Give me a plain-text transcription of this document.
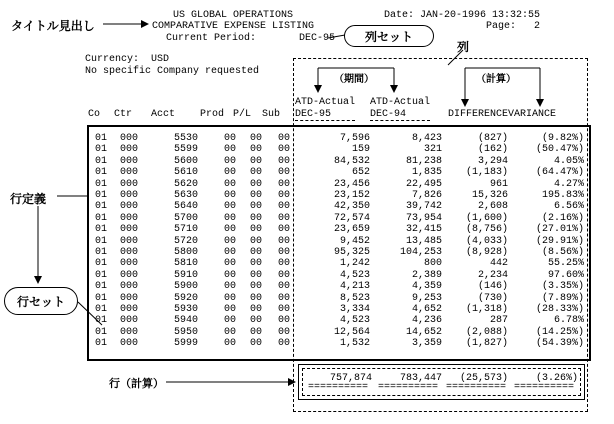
タイトル見出し
列セット
列
（期間）	（計算）
行定義
行セット
行（計算）
US GLOBAL OPERATIONS
COMPARATIVE EXPENSE LISTING
Current Period:	DEC-95
Date: JAN-20-1996 13:32:55
Page:   2
Currency:  USD
No specific Company requested
ATD-Actual ATD-Actual
DEC-95	DEC-94	DIFFERENCE VARIANCE
Co Ctr Acct Prod P/L Sub
01 000	5530	00 00 00	7,596	8,423	(827)	(9.82%)
01 000	5599	00 00 00	159	321	(162)	(50.47%)
01 000	5600	00 00 00	84,532	81,238	3,294	4.05%
01 000	5610	00 00 00	652	1,835	(1,183)	(64.47%)
01 000	5620	00 00 00	23,456	22,495	961	4.27%
01 000	5630	00 00 00	23,152	7,826	15,326	195.83%
01 000	5640	00 00 00	42,350	39,742	2,608	6.56%
01 000	5700	00 00 00	72,574	73,954	(1,600)	(2.16%)
01 000	5710	00 00 00	23,659	32,415	(8,756)	(27.01%)
01 000	5720	00 00 00	9,452	13,485	(4,033)	(29.91%)
01 000	5800	00 00 00	95,325	104,253	(8,928)	(8.56%)
01 000	5810	00 00 00	1,242	800	442	55.25%
01 000	5910	00 00 00	4,523	2,389	2,234	97.60%
01 000	5900	00 00 00	4,213	4,359	(146)	(3.35%)
01 000	5920	00 00 00	8,523	9,253	(730)	(7.89%)
01 000	5930	00 00 00	3,334	4,652	(1,318)	(28.33%)
01 000	5940	00 00 00	4,523	4,236	287	6.78%
01 000	5950	00 00 00	12,564	14,652	(2,088)	(14.25%)
01 000	5999	00 00 00	1,532	3,359	(1,827)	(54.39%)
757,874	783,447	(25,573)	(3.26%)
========== ========== ========== ==========
